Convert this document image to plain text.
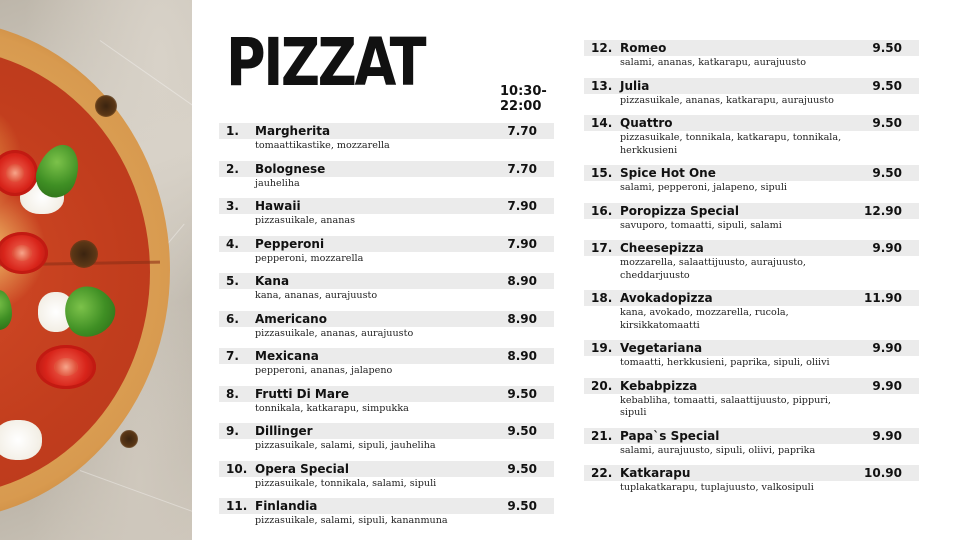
PIZZAT	10:30-
22:00
1. Margherita	7.70
tomaattikastike, mozzarella
2. Bolognese	7.70
jauheliha
3. Hawaii	7.90
pizzasuikale, ananas
4. Pepperoni	7.90
pepperoni, mozzarella
5. Kana	8.90
kana, ananas, aurajuusto
6. Americano	8.90
pizzasuikale, ananas, aurajuusto
7. Mexicana	8.90
pepperoni, ananas, jalapeno
8. Frutti Di Mare	9.50
tonnikala, katkarapu, simpukka
9. Dillinger	9.50
pizzasuikale, salami, sipuli, jauheliha
10. Opera Special	9.50
pizzasuikale, tonnikala, salami, sipuli
11. Finlandia	9.50
pizzasuikale, salami, sipuli, kananmuna
12. Romeo	9.50
salami, ananas, katkarapu, aurajuusto
13. Julia	9.50
pizzasuikale, ananas, katkarapu, aurajuusto
14. Quattro	9.50
pizzasuikale, tonnikala, katkarapu, tonnikala, herkkusieni
15. Spice Hot One	9.50
salami, pepperoni, jalapeno, sipuli
16. Poropizza Special	12.90
savuporo, tomaatti, sipuli, salami
17. Cheesepizza	9.90
mozzarella, salaattijuusto, aurajuusto, cheddarjuusto
18. Avokadopizza	11.90
kana, avokado, mozzarella, rucola, kirsikkatomaatti
19. Vegetariana	9.90
tomaatti, herkkusieni, paprika, sipuli, oliivi
20. Kebabpizza	9.90
kebabliha, tomaatti, salaattijuusto, pippuri, sipuli
21. Papa`s Special	9.90
salami, aurajuusto, sipuli, oliivi, paprika
22. Katkarapu	10.90
tuplakatkarapu, tuplajuusto, valkosipuli
